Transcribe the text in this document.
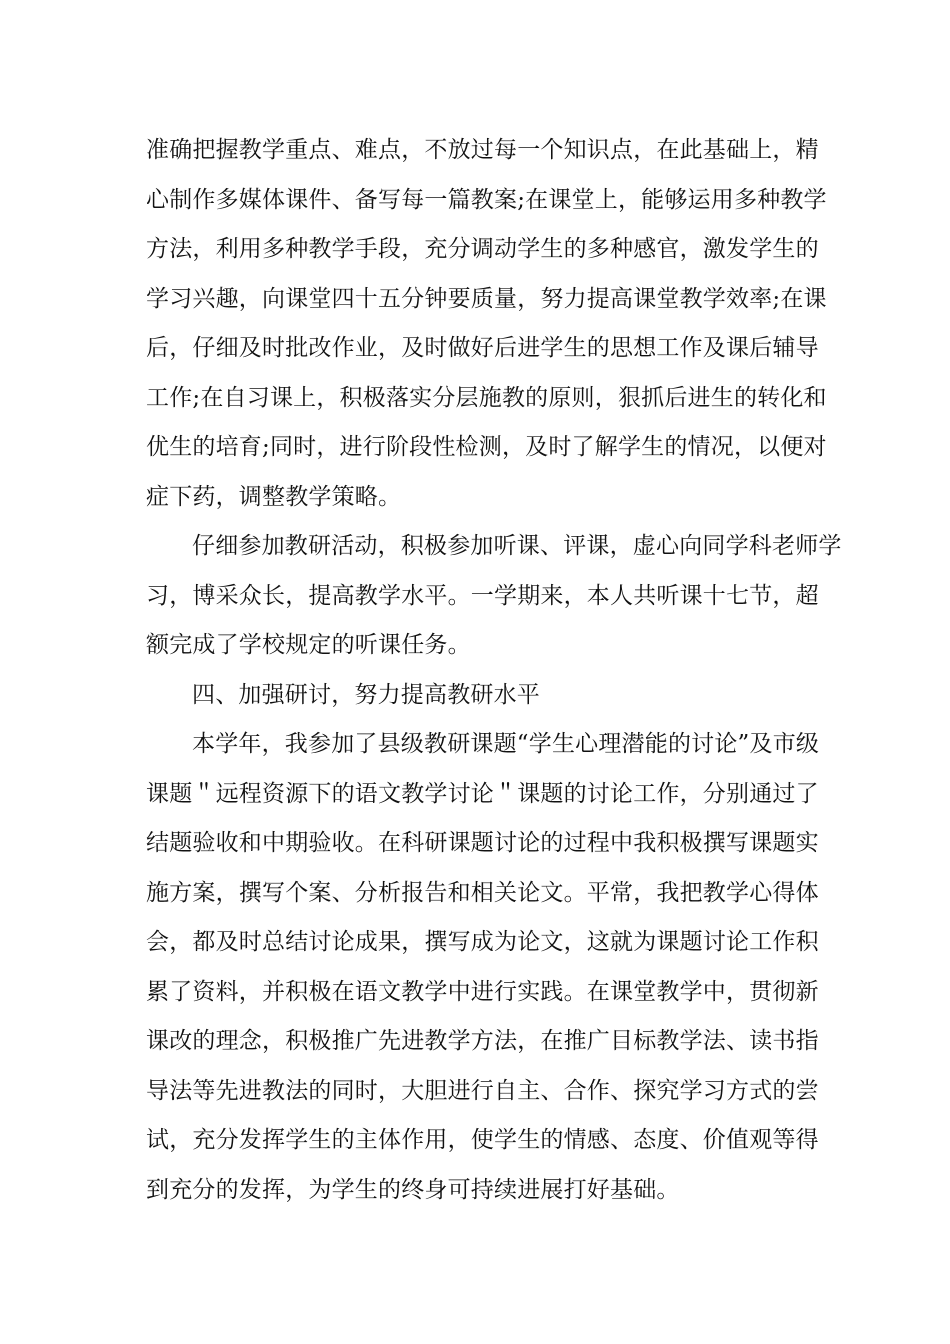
准确把握教学重点、难点，不放过每一个知识点，在此基础上，精
心制作多媒体课件、备写每一篇教案;在课堂上，能够运用多种教学
方法，利用多种教学手段，充分调动学生的多种感官，激发学生的
学习兴趣，向课堂四十五分钟要质量，努力提高课堂教学效率;在课
后，仔细及时批改作业，及时做好后进学生的思想工作及课后辅导
工作;在自习课上，积极落实分层施教的原则，狠抓后进生的转化和
优生的培育;同时，进行阶段性检测，及时了解学生的情况，以便对
症下药，调整教学策略。
仔细参加教研活动，积极参加听课、评课，虚心向同学科老师学
习，博采众长，提高教学水平。一学期来，本人共听课十七节，超
额完成了学校规定的听课任务。
四、加强研讨，努力提高教研水平
本学年，我参加了县级教研课题“学生心理潜能的讨论”及市级
课题＂远程资源下的语文教学讨论＂课题的讨论工作，分别通过了
结题验收和中期验收。在科研课题讨论的过程中我积极撰写课题实
施方案，撰写个案、分析报告和相关论文。平常，我把教学心得体
会，都及时总结讨论成果，撰写成为论文，这就为课题讨论工作积
累了资料，并积极在语文教学中进行实践。在课堂教学中，贯彻新
课改的理念，积极推广先进教学方法，在推广目标教学法、读书指
导法等先进教法的同时，大胆进行自主、合作、探究学习方式的尝
试，充分发挥学生的主体作用，使学生的情感、态度、价值观等得
到充分的发挥，为学生的终身可持续进展打好基础。
